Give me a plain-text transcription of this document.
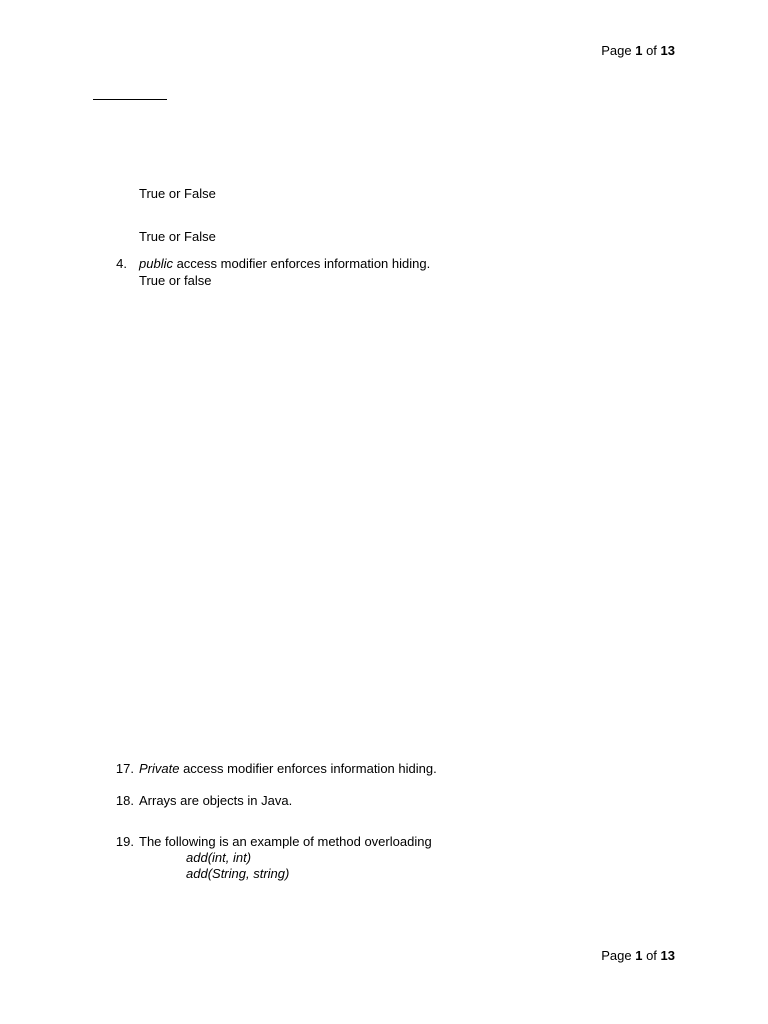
Page 1 of 13
True or False
True or False
4. public access modifier enforces information hiding.
True or false
17. Private access modifier enforces information hiding.
18. Arrays are objects in Java.
19. The following is an example of method overloading
add(int, int)
add(String, string)
Page 1 of 13
